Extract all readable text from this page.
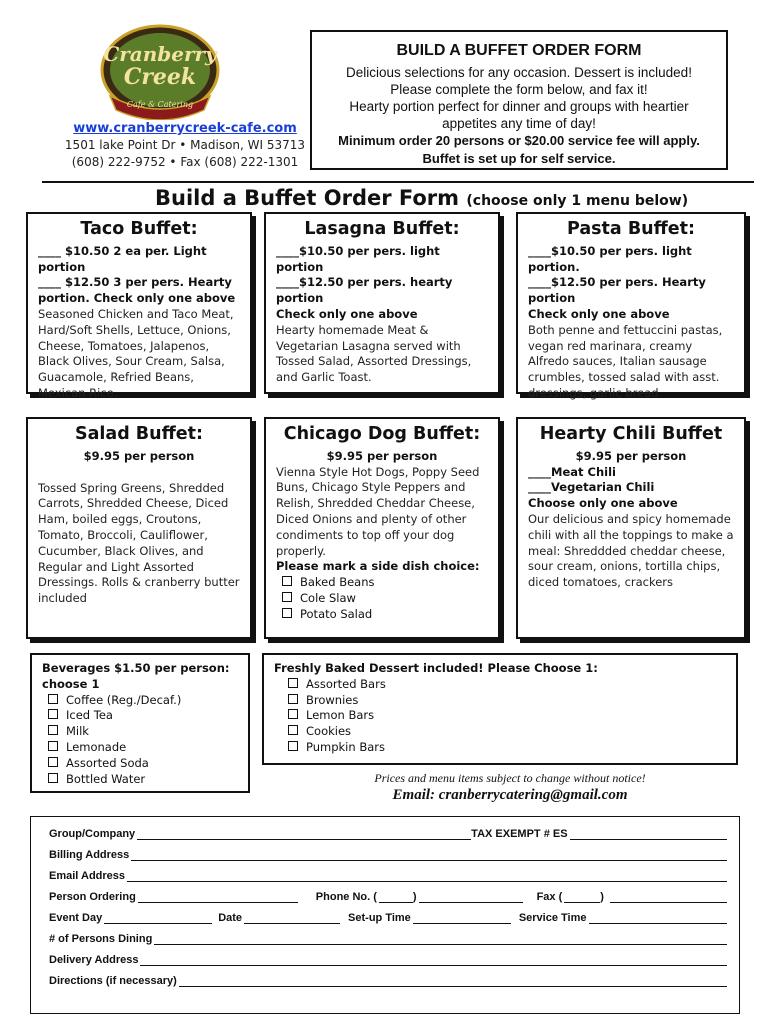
Cranberry
Creek
Cafe & Catering
www.cranberrycreek-cafe.com
1501 lake Point Dr • Madison, WI 53713
(608) 222-9752 • Fax (608) 222-1301
BUILD A BUFFET ORDER FORM
Delicious selections for any occasion. Dessert is included!
Please complete the form below, and fax it!
Hearty portion perfect for dinner and groups with heartier
appetites any time of day!
Minimum order 20 persons or $20.00 service fee will apply.
Buffet is set up for self service.
Build a Buffet Order Form (choose only 1 menu below)
Taco Buffet:
____ $10.50 2 ea per. Light portion
____ $12.50 3 per pers. Hearty
portion. Check only one above
Seasoned Chicken and Taco Meat, Hard/Soft Shells, Lettuce, Onions, Cheese, Tomatoes, Jalapenos, Black Olives, Sour Cream, Salsa, Guacamole, Refried Beans, Mexican Rice.
Lasagna Buffet:
____$10.50 per pers. light portion
____$12.50 per pers. hearty portion
Check only one above
Hearty homemade Meat & Vegetarian Lasagna served with Tossed Salad, Assorted Dressings, and Garlic Toast.
Pasta Buffet:
____$10.50 per pers. light portion.
____$12.50 per pers. Hearty portion
Check only one above
Both penne and fettuccini pastas, vegan red marinara, creamy Alfredo sauces, Italian sausage crumbles, tossed salad with asst. dressings, garlic bread.
Salad Buffet:
$9.95 per person
Tossed Spring Greens, Shredded Carrots, Shredded Cheese, Diced Ham, boiled eggs, Croutons, Tomato, Broccoli, Cauliflower, Cucumber, Black Olives, and Regular and Light Assorted Dressings. Rolls & cranberry butter included
Chicago Dog Buffet:
$9.95 per person
Vienna Style Hot Dogs, Poppy Seed Buns, Chicago Style Peppers and Relish, Shredded Cheddar Cheese, Diced Onions and plenty of other condiments to top off your dog properly.
Please mark a side dish choice:
Baked Beans
Cole Slaw
Potato Salad
Hearty Chili Buffet
$9.95 per person
____Meat Chili
____Vegetarian Chili
Choose only one above
Our delicious and spicy homemade chili with all the toppings to make a meal: Shreddded cheddar cheese, sour cream, onions, tortilla chips, diced tomatoes, crackers
Beverages $1.50 per person:
choose 1
Coffee (Reg./Decaf.)
Iced Tea
Milk
Lemonade
Assorted Soda
Bottled Water
Freshly Baked Dessert included! Please Choose 1:
Assorted Bars
Brownies
Lemon Bars
Cookies
Pumpkin Bars
Prices and menu items subject to change without notice!
Email: cranberrycatering@gmail.com
Group/Company	TAX EXEMPT # ES
Billing Address
Email Address
Person Ordering	Phone No. (	)	Fax (	)
Event Day	Date	Set-up Time	Service Time
# of Persons Dining
Delivery Address
Directions (if necessary)
